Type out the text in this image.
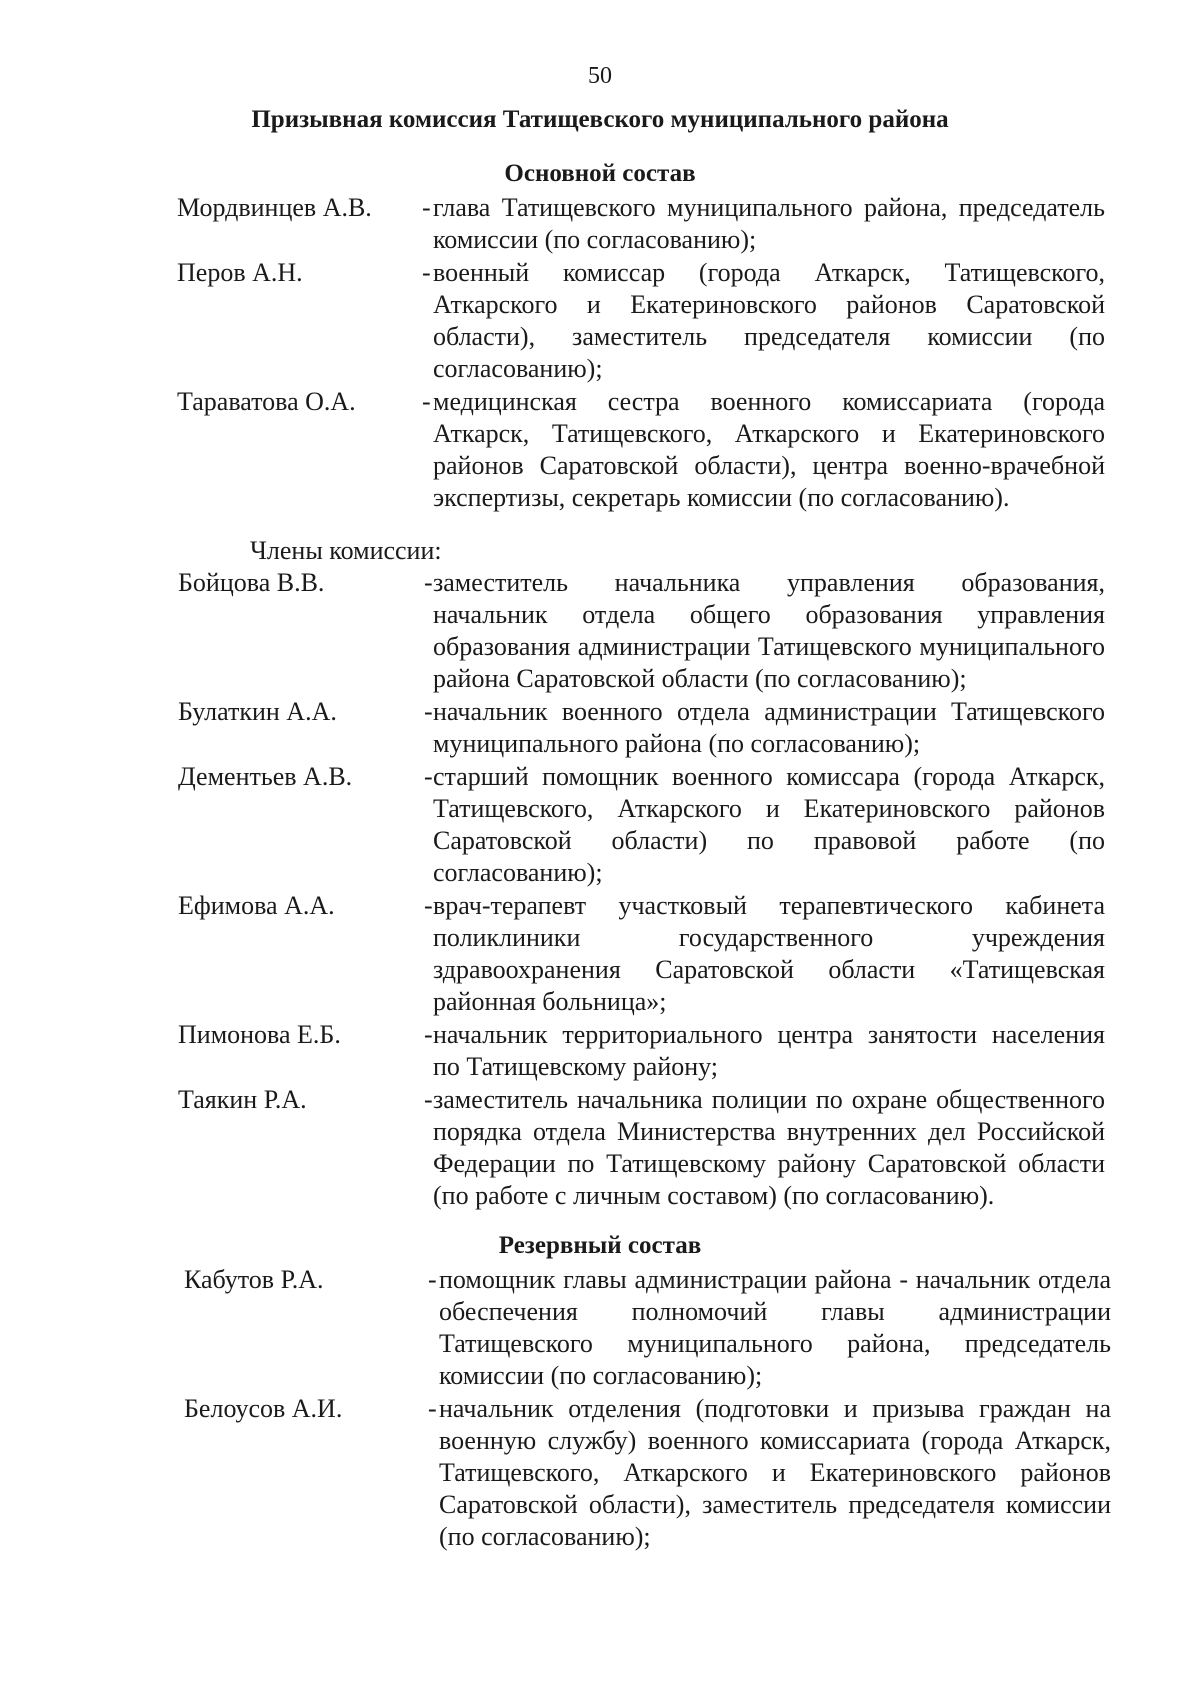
50
Призывная комиссия Татищевского муниципального района
Основной состав
Мордвинцев А.В.	- глава Татищевского муниципального района, председатель комиссии (по согласованию);
Перов А.Н.	- военный комиссар (города Аткарск, Татищевского, Аткарского и Екатериновского районов Саратовской области), заместитель председателя комиссии (по согласованию);
Тараватова О.А.	- медицинская сестра военного комиссариата (города Аткарск, Татищевского, Аткарского и Екатериновского районов Саратовской области), центра военно-врачебной экспертизы, секретарь комиссии (по согласованию).
Члены комиссии:
Бойцова В.В.	- заместитель начальника управления образования, начальник отдела общего образования управления образования администрации Татищевского муниципального района Саратовской области (по согласованию);
Булаткин А.А.	- начальник военного отдела администрации Татищевского муниципального района (по согласованию);
Дементьев А.В.	- старший помощник военного комиссара (города Аткарск, Татищевского, Аткарского и Екатериновского районов Саратовской области) по правовой работе (по согласованию);
Ефимова А.А.	- врач-терапевт участковый терапевтического кабинета поликлиники государственного учреждения здравоохранения Саратовской области «Татищевская районная больница»;
Пимонова Е.Б.	- начальник территориального центра занятости населения по Татищевскому району;
Таякин Р.А.	- заместитель начальника полиции по охране общественного порядка отдела Министерства внутренних дел Российской Федерации по Татищевскому району Саратовской области (по работе с личным составом) (по согласованию).
Резервный состав
Кабутов Р.А.	- помощник главы администрации района - начальник отдела обеспечения полномочий главы администрации Татищевского муниципального района, председатель комиссии (по согласованию);
Белоусов А.И.	- начальник отделения (подготовки и призыва граждан на военную службу) военного комиссариата (города Аткарск, Татищевского, Аткарского и Екатериновского районов Саратовской области), заместитель председателя комиссии (по согласованию);
